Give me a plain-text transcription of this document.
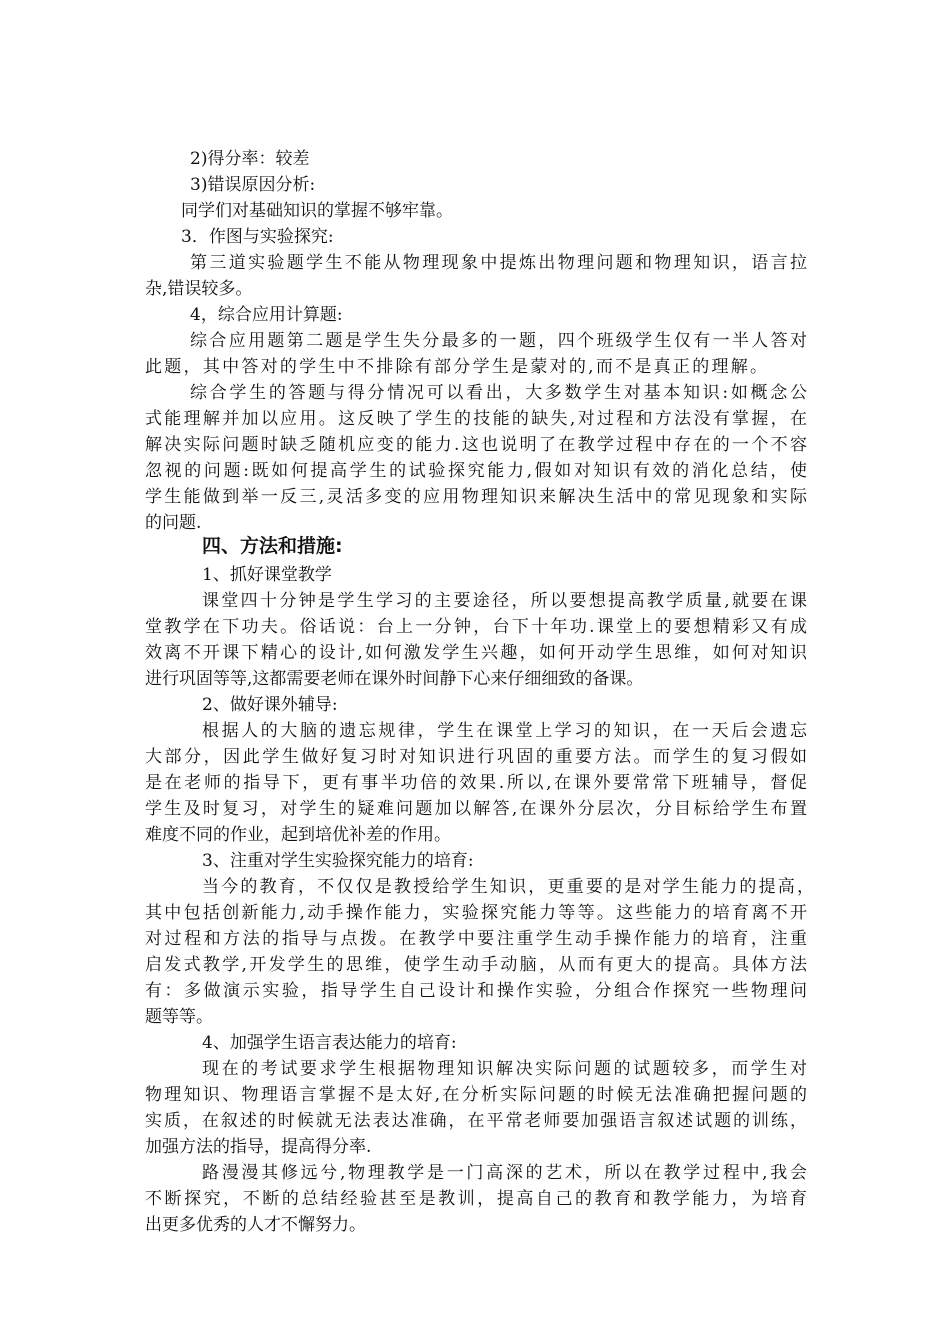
2)得分率：较差
3)错误原因分析:
同学们对基础知识的掌握不够牢靠。
3．作图与实验探究:
第三道实验题学生不能从物理现象中提炼出物理问题和物理知识，语言拉
杂,错误较多。
4，综合应用计算题:
综合应用题第二题是学生失分最多的一题，四个班级学生仅有一半人答对
此题，其中答对的学生中不排除有部分学生是蒙对的,而不是真正的理解。
综合学生的答题与得分情况可以看出，大多数学生对基本知识:如概念公
式能理解并加以应用。这反映了学生的技能的缺失,对过程和方法没有掌握，在
解决实际问题时缺乏随机应变的能力.这也说明了在教学过程中存在的一个不容
忽视的问题:既如何提高学生的试验探究能力,假如对知识有效的消化总结，使
学生能做到举一反三,灵活多变的应用物理知识来解决生活中的常见现象和实际
的问题.
四、方法和措施:
1、抓好课堂教学
课堂四十分钟是学生学习的主要途径，所以要想提高教学质量,就要在课
堂教学在下功夫。俗话说：台上一分钟，台下十年功.课堂上的要想精彩又有成
效离不开课下精心的设计,如何激发学生兴趣，如何开动学生思维，如何对知识
进行巩固等等,这都需要老师在课外时间静下心来仔细细致的备课。
2、做好课外辅导:
根据人的大脑的遗忘规律，学生在课堂上学习的知识，在一天后会遗忘
大部分，因此学生做好复习时对知识进行巩固的重要方法。而学生的复习假如
是在老师的指导下，更有事半功倍的效果.所以,在课外要常常下班辅导，督促
学生及时复习，对学生的疑难问题加以解答,在课外分层次，分目标给学生布置
难度不同的作业，起到培优补差的作用。
3、注重对学生实验探究能力的培育:
当今的教育，不仅仅是教授给学生知识，更重要的是对学生能力的提高，
其中包括创新能力,动手操作能力，实验探究能力等等。这些能力的培育离不开
对过程和方法的指导与点拨。在教学中要注重学生动手操作能力的培育，注重
启发式教学,开发学生的思维，使学生动手动脑，从而有更大的提高。具体方法
有：多做演示实验，指导学生自己设计和操作实验，分组合作探究一些物理问
题等等。
4、加强学生语言表达能力的培育:
现在的考试要求学生根据物理知识解决实际问题的试题较多，而学生对
物理知识、物理语言掌握不是太好,在分析实际问题的时候无法准确把握问题的
实质，在叙述的时候就无法表达准确，在平常老师要加强语言叙述试题的训练，
加强方法的指导，提高得分率.
路漫漫其修远兮,物理教学是一门高深的艺术，所以在教学过程中,我会
不断探究，不断的总结经验甚至是教训，提高自己的教育和教学能力，为培育
出更多优秀的人才不懈努力。
